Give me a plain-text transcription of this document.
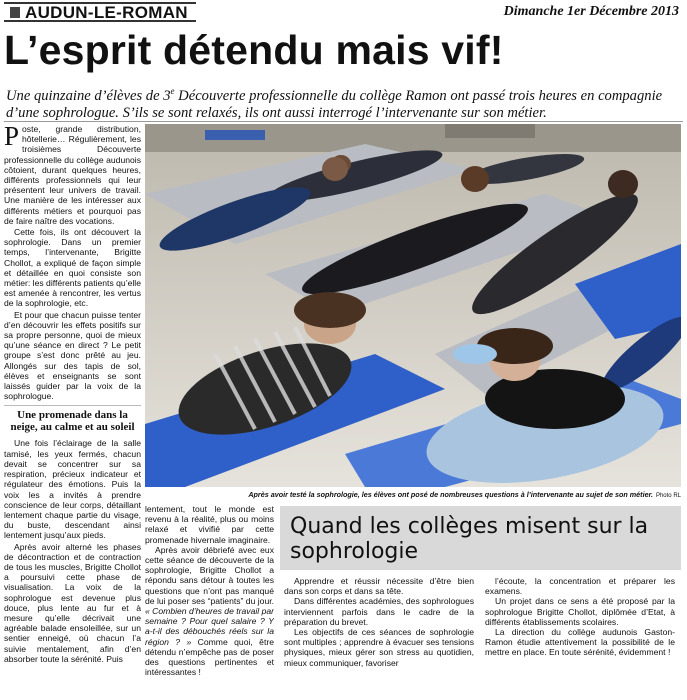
AUDUN-LE-ROMAN	Dimanche 1er Décembre 2013
L’esprit détendu mais vif!
Une quinzaine d’élèves de 3e Découverte professionnelle du collège Ramon ont passé trois heures en compagnie d’une sophrologue. S’ils se sont relaxés, ils ont aussi interrogé l’intervenante sur son métier.

Poste, grande distribution, hôtellerie… Régulièrement, les troisièmes Découverte professionnelle du collège audunois côtoient, durant quelques heures, différents professionnels qui leur présentent leur univers de travail. Une manière de les intéresser aux différents métiers et pourquoi pas de faire naître des vocations.

Cette fois, ils ont découvert la sophrologie. Dans un premier temps, l’intervenante, Brigitte Chollot, a expliqué de façon simple et détaillée en quoi consiste son métier: les différents patients qu’elle est amenée à rencontrer, les vertus de la sophrologie, etc.

Et pour que chacun puisse tenter d’en découvrir les effets positifs sur sa propre personne, quoi de mieux qu’une séance en direct ? Le petit groupe s’est donc prêté au jeu. Allongés sur des tapis de sol, élèves et enseignants se sont laissés guider par la voix de la sophrologue.

Une promenade dans la neige, au calme et au soleil

Une fois l’éclairage de la salle tamisé, les yeux fermés, chacun devait se concentrer sur sa respiration, précieux indicateur et régulateur des émotions. Puis la voix les a invités à prendre conscience de leur corps, détaillant lentement chaque partie du visage, du buste, descendant ainsi lentement jusqu’aux pieds.

Après avoir alterné les phases de décontraction et de contraction de tous les muscles, Brigitte Chollot a poursuivi cette phase de visualisation. La voix de la sophrologue est devenue plus douce, plus lente au fur et à mesure qu’elle décrivait une agréable balade ensoleillée, sur un sentier enneigé, où chacun l’a suivie mentalement, afin d’en absorber toute la sérénité. Puis

Après avoir testé la sophrologie, les élèves ont posé de nombreuses questions à l’intervenante au sujet de son métier. Photo RL

lentement, tout le monde est revenu à la réalité, plus ou moins relaxé et vivifié par cette promenade hivernale imaginaire.

Après avoir débriefé avec eux cette séance de découverte de la sophrologie, Brigitte Chollot a répondu sans détour à toutes les questions que n’ont pas manqué de lui poser ses “patients” du jour. « Combien d’heures de travail par semaine ? Pour quel salaire ? Y a-t-il des débouchés réels sur la région ? » Comme quoi, être détendu n’empêche pas de poser des questions pertinentes et intéressantes !

Quand les collèges misent sur la sophrologie

Apprendre et réussir nécessite d’être bien dans son corps et dans sa tête.

Dans différentes académies, des sophrologues interviennent parfois dans le cadre de la préparation du brevet.

Les objectifs de ces séances de sophrologie sont multiples ; apprendre à évacuer ses tensions physiques, mieux gérer son stress au quotidien, mieux communiquer, favoriser

l’écoute, la concentration et préparer les examens.

Un projet dans ce sens a été proposé par la sophrologue Brigitte Chollot, diplômée d’Etat, à différents établissements scolaires.

La direction du collège audunois Gaston-Ramon étudie attentivement la possibilité de le mettre en place. En toute sérénité, évidemment !
